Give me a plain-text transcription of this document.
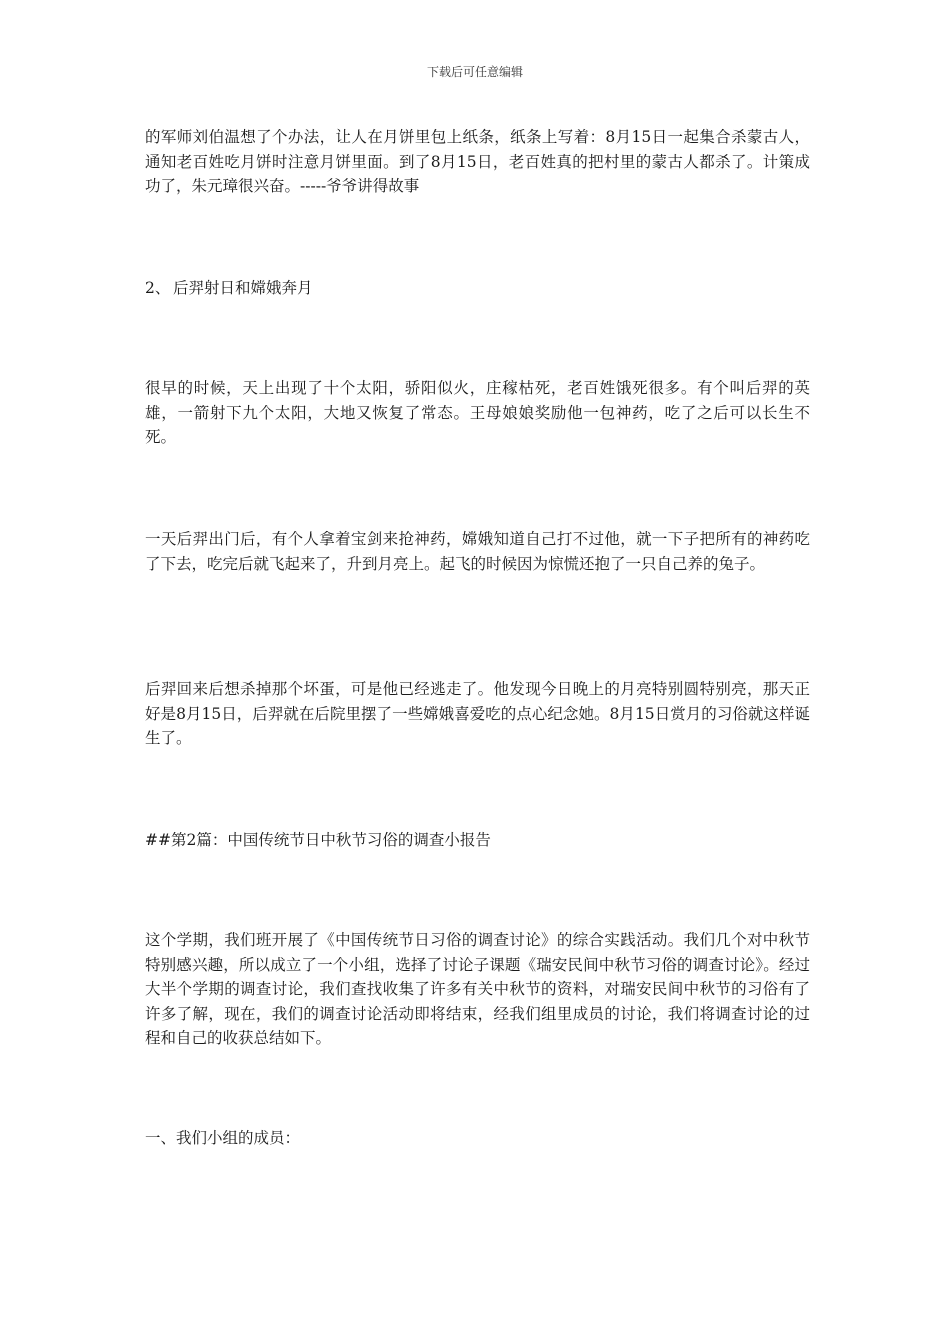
下载后可任意编辑

的军师刘伯温想了个办法，让人在月饼里包上纸条，纸条上写着：8月15日一起集合杀蒙古人，通知老百姓吃月饼时注意月饼里面。到了8月15日，老百姓真的把村里的蒙古人都杀了。计策成功了，朱元璋很兴奋。-----爷爷讲得故事

2、 后羿射日和嫦娥奔月

很早的时候，天上出现了十个太阳，骄阳似火，庄稼枯死，老百姓饿死很多。有个叫后羿的英雄，一箭射下九个太阳，大地又恢复了常态。王母娘娘奖励他一包神药，吃了之后可以长生不死。

一天后羿出门后，有个人拿着宝剑来抢神药，嫦娥知道自己打不过他，就一下子把所有的神药吃了下去，吃完后就飞起来了，升到月亮上。起飞的时候因为惊慌还抱了一只自己养的兔子。

后羿回来后想杀掉那个坏蛋，可是他已经逃走了。他发现今日晚上的月亮特别圆特别亮，那天正好是8月15日，后羿就在后院里摆了一些嫦娥喜爱吃的点心纪念她。8月15日赏月的习俗就这样诞生了。

##第2篇：中国传统节日中秋节习俗的调查小报告

这个学期，我们班开展了《中国传统节日习俗的调查讨论》的综合实践活动。我们几个对中秋节特别感兴趣，所以成立了一个小组，选择了讨论子课题《瑞安民间中秋节习俗的调查讨论》。经过大半个学期的调查讨论，我们查找收集了许多有关中秋节的资料，对瑞安民间中秋节的习俗有了许多了解，现在，我们的调查讨论活动即将结束，经我们组里成员的讨论，我们将调查讨论的过程和自己的收获总结如下。

一、我们小组的成员：
